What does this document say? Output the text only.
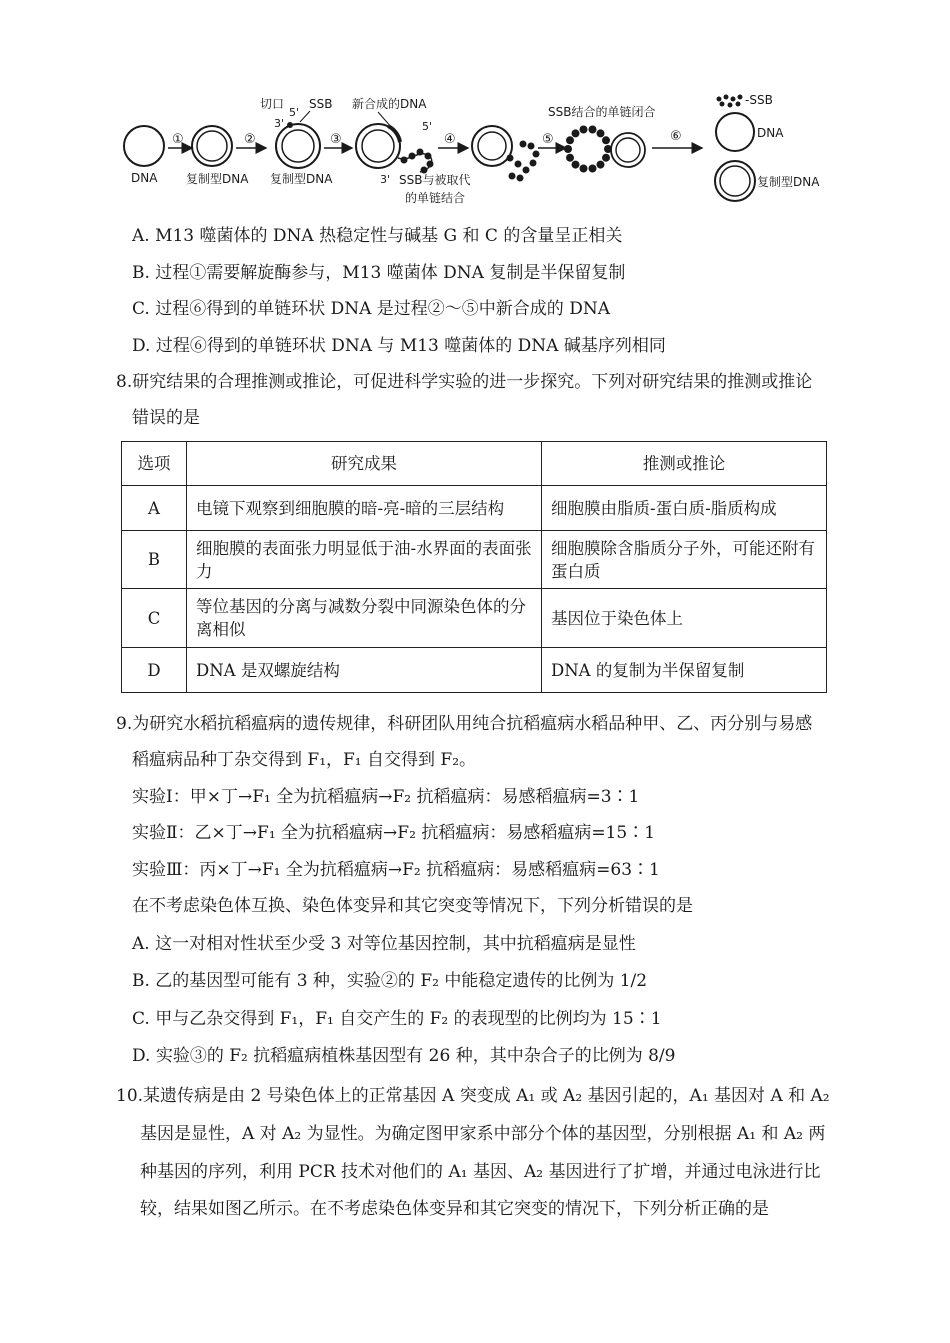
DNA
①
复制型DNA
②
切口
5'
3'
SSB
复制型DNA
③
新合成的DNA
5'
3' SSB与被取代
的单链结合
④	⑤
SSB结合的单链闭合
⑥
-SSB
DNA
复制型DNA
A. M13 噬菌体的 DNA 热稳定性与碱基 G 和 C 的含量呈正相关
B. 过程①需要解旋酶参与，M13 噬菌体 DNA 复制是半保留复制
C. 过程⑥得到的单链环状 DNA 是过程②～⑤中新合成的 DNA
D. 过程⑥得到的单链环状 DNA 与 M13 噬菌体的 DNA 碱基序列相同
8.研究结果的合理推测或推论，可促进科学实验的进一步探究。下列对研究结果的推测或推论
错误的是
选项	研究成果	推测或推论
A	电镜下观察到细胞膜的暗-亮-暗的三层结构	细胞膜由脂质-蛋白质-脂质构成
B	细胞膜的表面张力明显低于油-水界面的表面张力	细胞膜除含脂质分子外，可能还附有蛋白质
C	等位基因的分离与减数分裂中同源染色体的分离相似	基因位于染色体上
D	DNA 是双螺旋结构	DNA 的复制为半保留复制
9.为研究水稻抗稻瘟病的遗传规律，科研团队用纯合抗稻瘟病水稻品种甲、乙、丙分别与易感
稻瘟病品种丁杂交得到 F₁，F₁ 自交得到 F₂。
实验Ⅰ：甲×丁→F₁ 全为抗稻瘟病→F₂ 抗稻瘟病：易感稻瘟病=3∶1
实验Ⅱ：乙×丁→F₁ 全为抗稻瘟病→F₂ 抗稻瘟病：易感稻瘟病=15∶1
实验Ⅲ：丙×丁→F₁ 全为抗稻瘟病→F₂ 抗稻瘟病：易感稻瘟病=63∶1
在不考虑染色体互换、染色体变异和其它突变等情况下，下列分析错误的是
A. 这一对相对性状至少受 3 对等位基因控制，其中抗稻瘟病是显性
B. 乙的基因型可能有 3 种，实验②的 F₂ 中能稳定遗传的比例为 1/2
C. 甲与乙杂交得到 F₁，F₁ 自交产生的 F₂ 的表现型的比例均为 15∶1
D. 实验③的 F₂ 抗稻瘟病植株基因型有 26 种，其中杂合子的比例为 8/9
10.某遗传病是由 2 号染色体上的正常基因 A 突变成 A₁ 或 A₂ 基因引起的，A₁ 基因对 A 和 A₂
基因是显性，A 对 A₂ 为显性。为确定图甲家系中部分个体的基因型，分别根据 A₁ 和 A₂ 两
种基因的序列，利用 PCR 技术对他们的 A₁ 基因、A₂ 基因进行了扩增，并通过电泳进行比
较，结果如图乙所示。在不考虑染色体变异和其它突变的情况下，下列分析正确的是
